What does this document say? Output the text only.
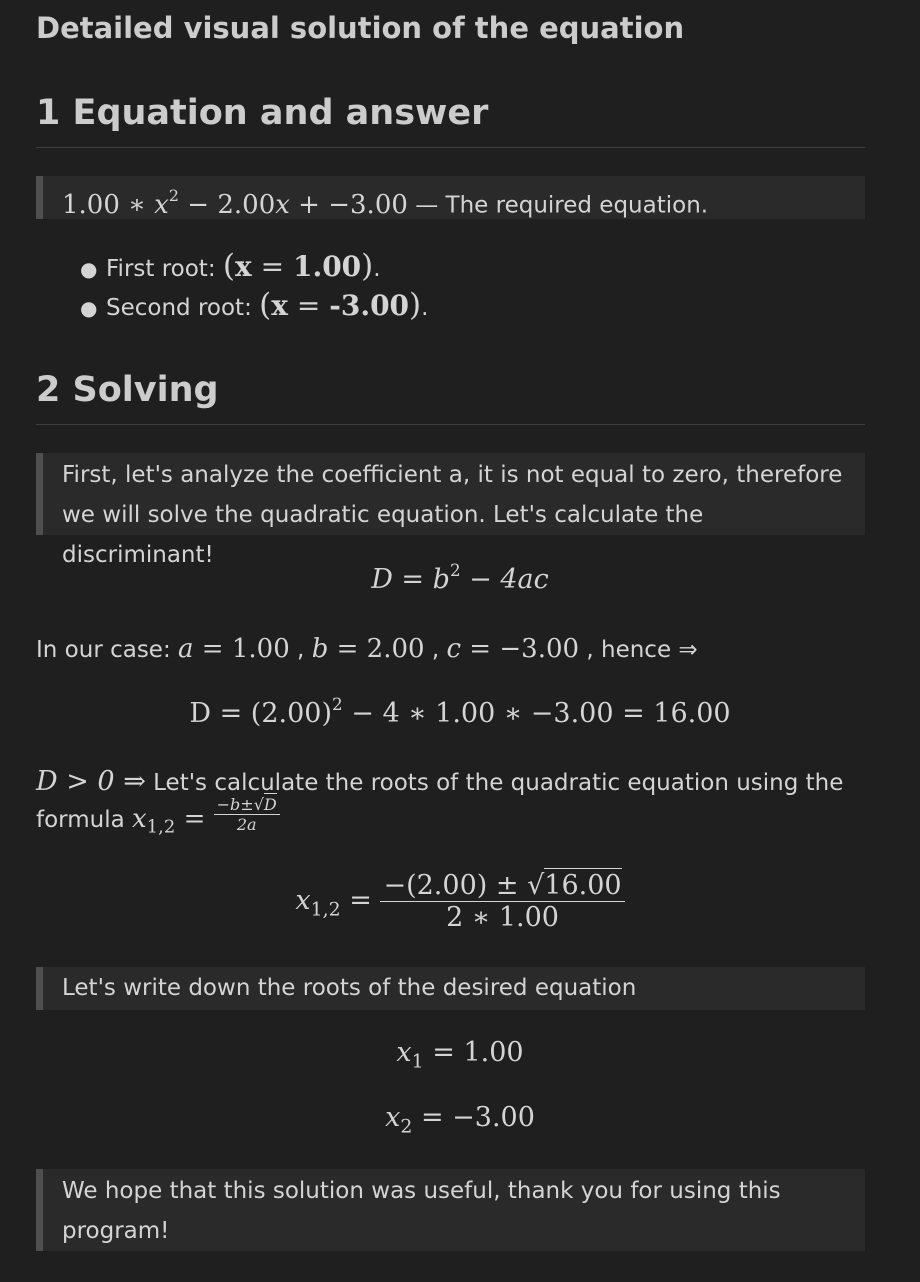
Detailed visual solution of the equation
1 Equation and answer
1.00 ∗ $x^2 - 2.00x + -3.00$ — The required equation.
● First root: (x = 1.00).
● Second root: (x = -3.00).
2 Solving
First, let's analyze the coefficient a, it is not equal to zero, therefore we will solve the quadratic equation. Let's calculate the discriminant!
$D = b^2 - 4ac$
In our case: a = 1.00 , b = 2.00 , c = −3.00 , hence ⇒
$D = (2.00)^2 - 4$ ∗ 1.00 ∗ −3.00 = 16.00
D > 0 ⇒ Let's calculate the roots of the quadratic equation using the
formula $x_{1,2} = \frac{-b\pm√D}{2a}$
$x_{1,2} = \frac{-(2.00) \pm √16.00}{2 ∗ 1.00}$
Let's write down the roots of the desired equation
$x_1 = 1.00$
$x_2 = -3.00$
We hope that this solution was useful, thank you for using this program!
